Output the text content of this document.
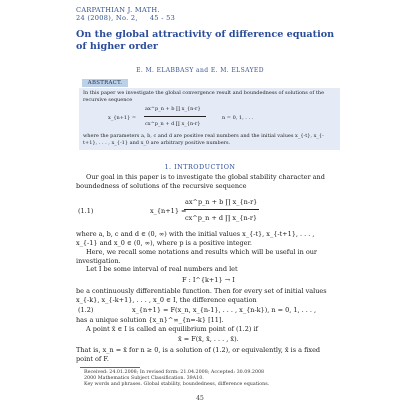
CARPATHIAN J. MATH.
24 (2008), No. 2, 45 - 53
On the global attractivity of difference equation of higher order
E. M. ELABBASY and E. M. ELSAYED
ABSTRACT.
In this paper we investigate the global convergence result and boundedness of solutions of the recursive sequence
x_{n+1} =
ax^p_n + b ∏ x_{n-r}
cx^p_n + d ∏ x_{n-r}
n = 0, 1, . . .
where the parameters a, b, c and d are positive real numbers and the initial values x_{-t}, x_{-t+1}, . . . , x_{-1} and x_0 are arbitrary positive numbers.
1. INTRODUCTION
Our goal in this paper is to investigate the global stability character and boundedness of solutions of the recursive sequence
(1.1)	x_{n+1} =
ax^p_n + b ∏ x_{n-r}
cx^p_n + d ∏ x_{n-r}
where a, b, c and d ∈ (0, ∞) with the initial values x_{-t}, x_{-t+1}, . . . , x_{-1} and x_0 ∈ (0, ∞), where p is a positive integer.
Here, we recall some notations and results which will be useful in our investigation.
Let I be some interval of real numbers and let
F : I^{k+1} → I
be a continuously differentiable function. Then for every set of initial values x_{-k}, x_{-k+1}, . . . , x_0 ∈ I, the difference equation
(1.2)	x_{n+1} = F(x_n, x_{n-1}, . . . , x_{n-k}), n = 0, 1, . . . ,
has a unique solution {x_n}^∞_{n=-k} [11].
A point x̄ ∈ I is called an equilibrium point of (1.2) if
x̄ = F(x̄, x̄, . . . , x̄).
That is, x_n = x̄ for n ≥ 0, is a solution of (1.2), or equivalently, x̄ is a fixed point of F.
Received: 24.01.2008; In revised form: 21.04.2008; Accepted: 30.09.2008
2000 Mathematics Subject Classification. 39A10.
Key words and phrases. Global stability, boundedness, difference equations.
45
